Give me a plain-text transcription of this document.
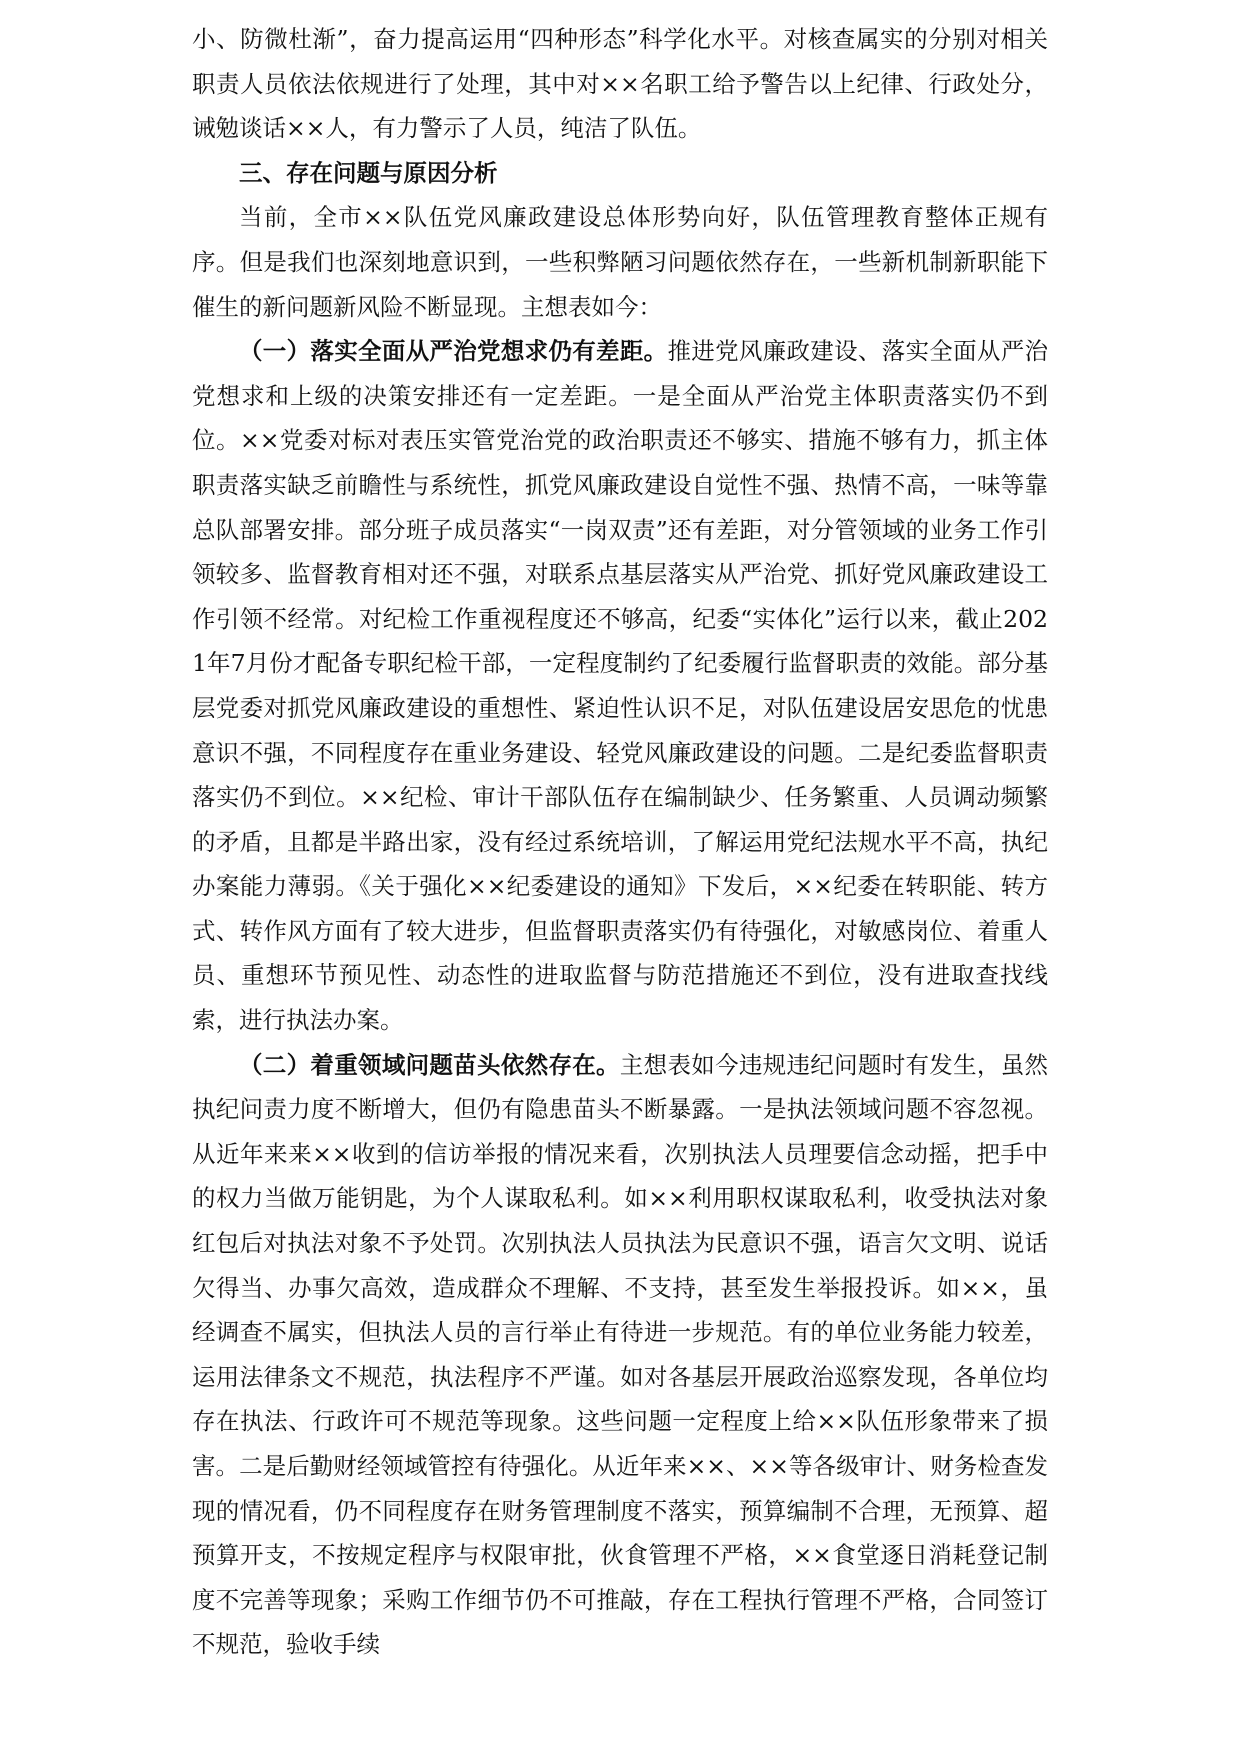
小、防微杜渐”，奋力提高运用“四种形态”科学化水平。对核查属实的分别对相关职责人员依法依规进行了处理，其中对××名职工给予警告以上纪律、行政处分，诫勉谈话××人，有力警示了人员，纯洁了队伍。

三、存在问题与原因分析

当前，全市××队伍党风廉政建设总体形势向好，队伍管理教育整体正规有序。但是我们也深刻地意识到，一些积弊陋习问题依然存在，一些新机制新职能下催生的新问题新风险不断显现。主想表如今：

（一）落实全面从严治党想求仍有差距。推进党风廉政建设、落实全面从严治党想求和上级的决策安排还有一定差距。一是全面从严治党主体职责落实仍不到位。××党委对标对表压实管党治党的政治职责还不够实、措施不够有力，抓主体职责落实缺乏前瞻性与系统性，抓党风廉政建设自觉性不强、热情不高，一味等靠总队部署安排。部分班子成员落实“一岗双责”还有差距，对分管领域的业务工作引领较多、监督教育相对还不强，对联系点基层落实从严治党、抓好党风廉政建设工作引领不经常。对纪检工作重视程度还不够高，纪委“实体化”运行以来，截止2021年7月份才配备专职纪检干部，一定程度制约了纪委履行监督职责的效能。部分基层党委对抓党风廉政建设的重想性、紧迫性认识不足，对队伍建设居安思危的忧患意识不强，不同程度存在重业务建设、轻党风廉政建设的问题。二是纪委监督职责落实仍不到位。××纪检、审计干部队伍存在编制缺少、任务繁重、人员调动频繁的矛盾，且都是半路出家，没有经过系统培训，了解运用党纪法规水平不高，执纪办案能力薄弱。《关于强化××纪委建设的通知》下发后，××纪委在转职能、转方式、转作风方面有了较大进步，但监督职责落实仍有待强化，对敏感岗位、着重人员、重想环节预见性、动态性的进取监督与防范措施还不到位，没有进取查找线索，进行执法办案。

（二）着重领域问题苗头依然存在。主想表如今违规违纪问题时有发生，虽然执纪问责力度不断增大，但仍有隐患苗头不断暴露。一是执法领域问题不容忽视。从近年来来××收到的信访举报的情况来看，次别执法人员理要信念动摇，把手中的权力当做万能钥匙，为个人谋取私利。如××利用职权谋取私利，收受执法对象红包后对执法对象不予处罚。次别执法人员执法为民意识不强，语言欠文明、说话欠得当、办事欠高效，造成群众不理解、不支持，甚至发生举报投诉。如××，虽经调查不属实，但执法人员的言行举止有待进一步规范。有的单位业务能力较差，运用法律条文不规范，执法程序不严谨。如对各基层开展政治巡察发现，各单位均存在执法、行政许可不规范等现象。这些问题一定程度上给××队伍形象带来了损害。二是后勤财经领域管控有待强化。从近年来××、××等各级审计、财务检查发现的情况看，仍不同程度存在财务管理制度不落实，预算编制不合理，无预算、超预算开支，不按规定程序与权限审批，伙食管理不严格，××食堂逐日消耗登记制度不完善等现象；采购工作细节仍不可推敲，存在工程执行管理不严格，合同签订不规范，验收手续
